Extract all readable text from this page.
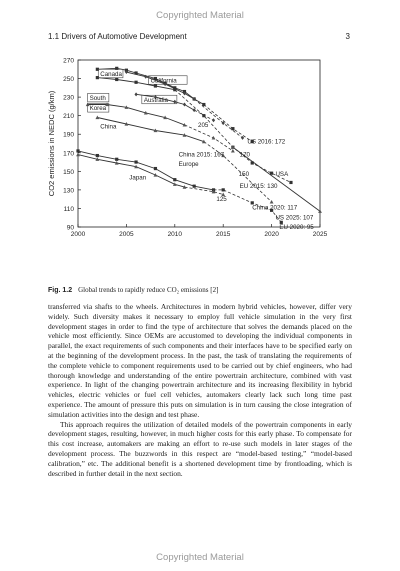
Copyrighted Material
1.1 Drivers of Automotive Development	3
90
110
130
150
170
190
210
230
250
270
2000	2005	2010	2015	2020	2025
CO2 emissions in NEDC (g/km)
Canada
California
South
Korea
Australia
China	205
US 2016: 172
China 2015: 167	170
Europe
150	USA
Japan
EU 2015: 130
125
China 2020: 117
US 2025: 107
EU 2020: 95
Fig. 1.2 Global trends to rapidly reduce CO₂ emissions [2]

transferred via shafts to the wheels. Architectures in modern hybrid vehicles, however, differ very widely. Such diversity makes it necessary to employ full vehicle simulation in the very first development stages in order to find the type of architecture that solves the demands placed on the vehicle most efficiently. Since OEMs are accustomed to developing the individual components in parallel, the exact requirements of such components and their interfaces have to be specified early on at the beginning of the development process. In the past, the task of translating the requirements of the complete vehicle to component requirements used to be carried out by chief engineers, who had thorough knowledge and understanding of the entire powertrain architecture, combined with vast experience. In light of the changing powertrain architecture and its increasing flexibility in hybrid vehicles, electric vehicles or fuel cell vehicles, automakers clearly lack such long time past experience. The amount of pressure this puts on simulation is in turn causing the close integration of simulation activities into the design and test phase.

This approach requires the utilization of detailed models of the powertrain components in early development stages, resulting, however, in much higher costs for this early phase. To compensate for this cost increase, automakers are making an effort to re-use such models in later stages of the development process. The buzzwords in this respect are “model-based testing,” “model-based calibration,” etc. The additional benefit is a shortened development time by frontloading, which is described in further detail in the next section.

Copyrighted Material
